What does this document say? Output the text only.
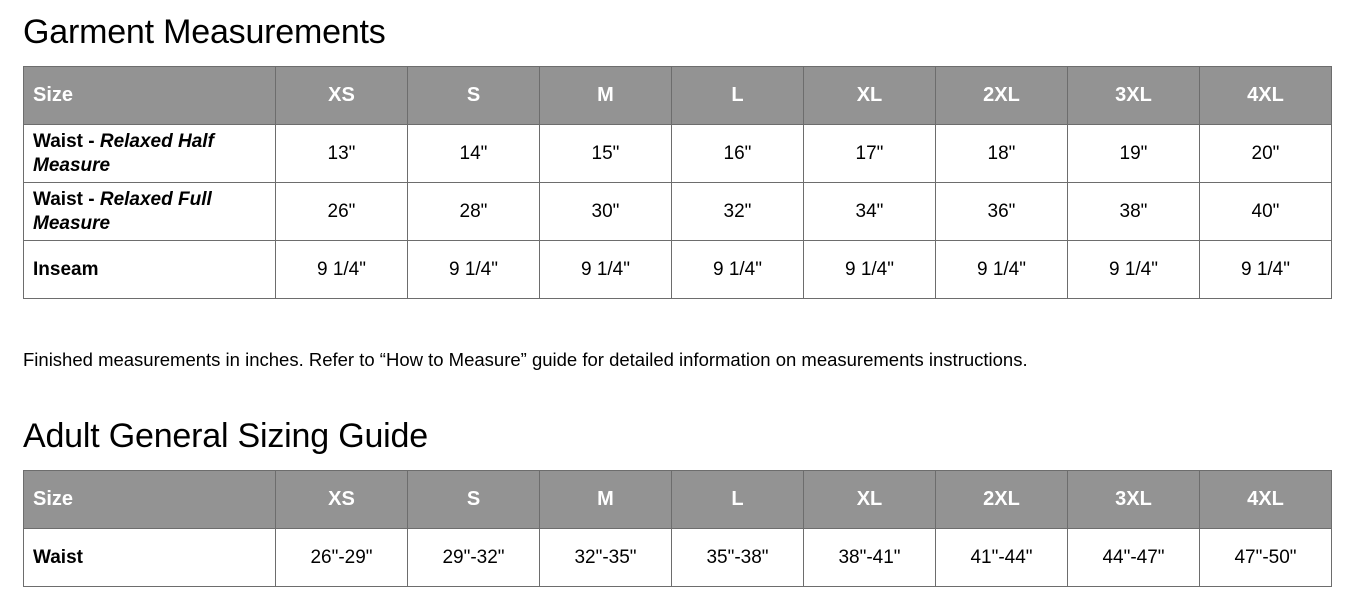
Garment Measurements
Size	XS	S	M	L	XL	2XL	3XL	4XL
Waist - Relaxed Half Measure	13"	14"	15"	16"	17"	18"	19"	20"
Waist - Relaxed Full Measure	26"	28"	30"	32"	34"	36"	38"	40"
Inseam	9 1/4"	9 1/4"	9 1/4"	9 1/4"	9 1/4"	9 1/4"	9 1/4"	9 1/4"

Finished measurements in inches. Refer to “How to Measure” guide for detailed information on measurements instructions.

Adult General Sizing Guide
Size	XS	S	M	L	XL	2XL	3XL	4XL
Waist	26"-29"	29"-32"	32"-35"	35"-38"	38"-41"	41"-44"	44"-47"	47"-50"
